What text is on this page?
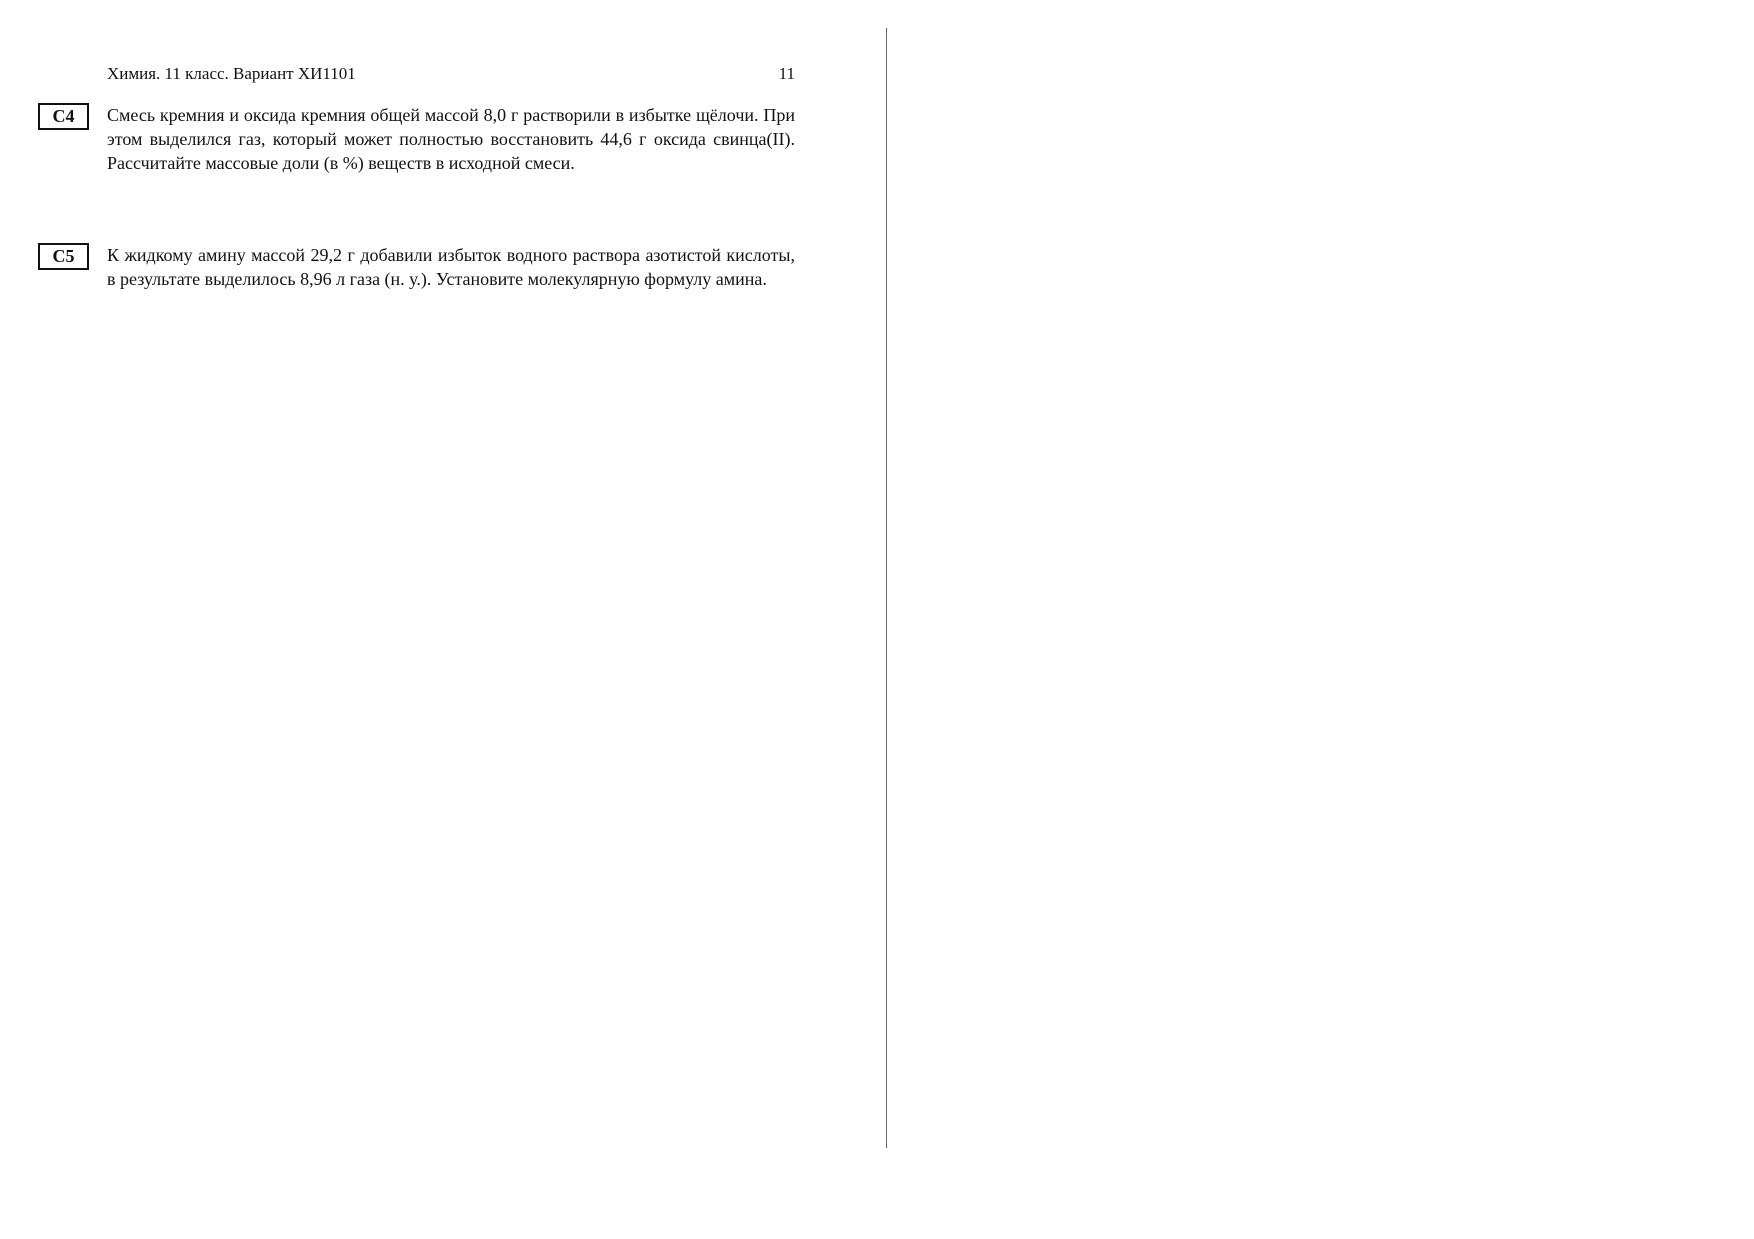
Химия. 11 класс. Вариант ХИ1101	11
С4	Смесь кремния и оксида кремния общей массой 8,0 г растворили в избытке щёлочи. При этом выделился газ, который может полностью восстановить 44,6 г оксида свинца(II). Рассчитайте массовые доли (в %) веществ в исходной смеси.
С5	К жидкому амину массой 29,2 г добавили избыток водного раствора азотистой кислоты, в результате выделилось 8,96 л газа (н. у.). Установите молекулярную формулу амина.
